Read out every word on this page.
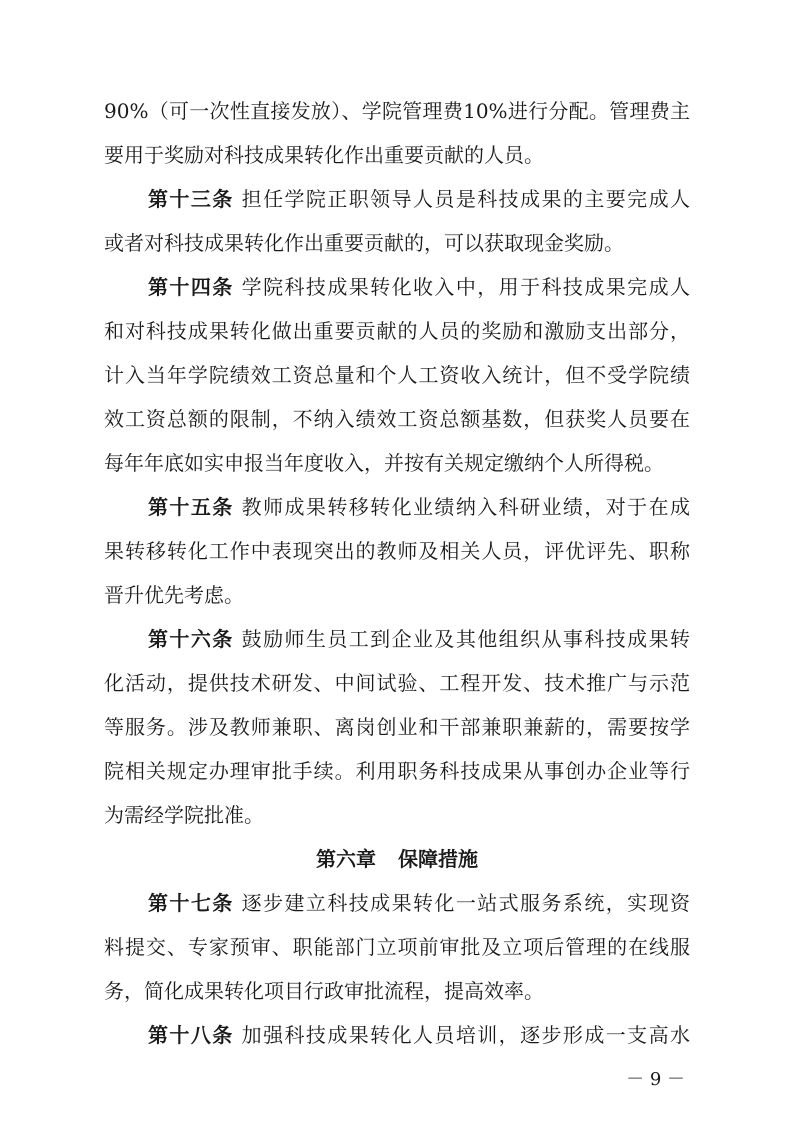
90%（可一次性直接发放）、学院管理费10%进行分配。管理费主
要用于奖励对科技成果转化作出重要贡献的人员。
第十三条 担任学院正职领导人员是科技成果的主要完成人
或者对科技成果转化作出重要贡献的，可以获取现金奖励。
第十四条 学院科技成果转化收入中，用于科技成果完成人
和对科技成果转化做出重要贡献的人员的奖励和激励支出部分，
计入当年学院绩效工资总量和个人工资收入统计，但不受学院绩
效工资总额的限制，不纳入绩效工资总额基数，但获奖人员要在
每年年底如实申报当年度收入，并按有关规定缴纳个人所得税。
第十五条 教师成果转移转化业绩纳入科研业绩，对于在成
果转移转化工作中表现突出的教师及相关人员，评优评先、职称
晋升优先考虑。
第十六条 鼓励师生员工到企业及其他组织从事科技成果转
化活动，提供技术研发、中间试验、工程开发、技术推广与示范
等服务。涉及教师兼职、离岗创业和干部兼职兼薪的，需要按学
院相关规定办理审批手续。利用职务科技成果从事创办企业等行
为需经学院批准。
第六章 保障措施
第十七条 逐步建立科技成果转化一站式服务系统，实现资
料提交、专家预审、职能部门立项前审批及立项后管理的在线服
务，简化成果转化项目行政审批流程，提高效率。
第十八条 加强科技成果转化人员培训，逐步形成一支高水
－ 9 －
